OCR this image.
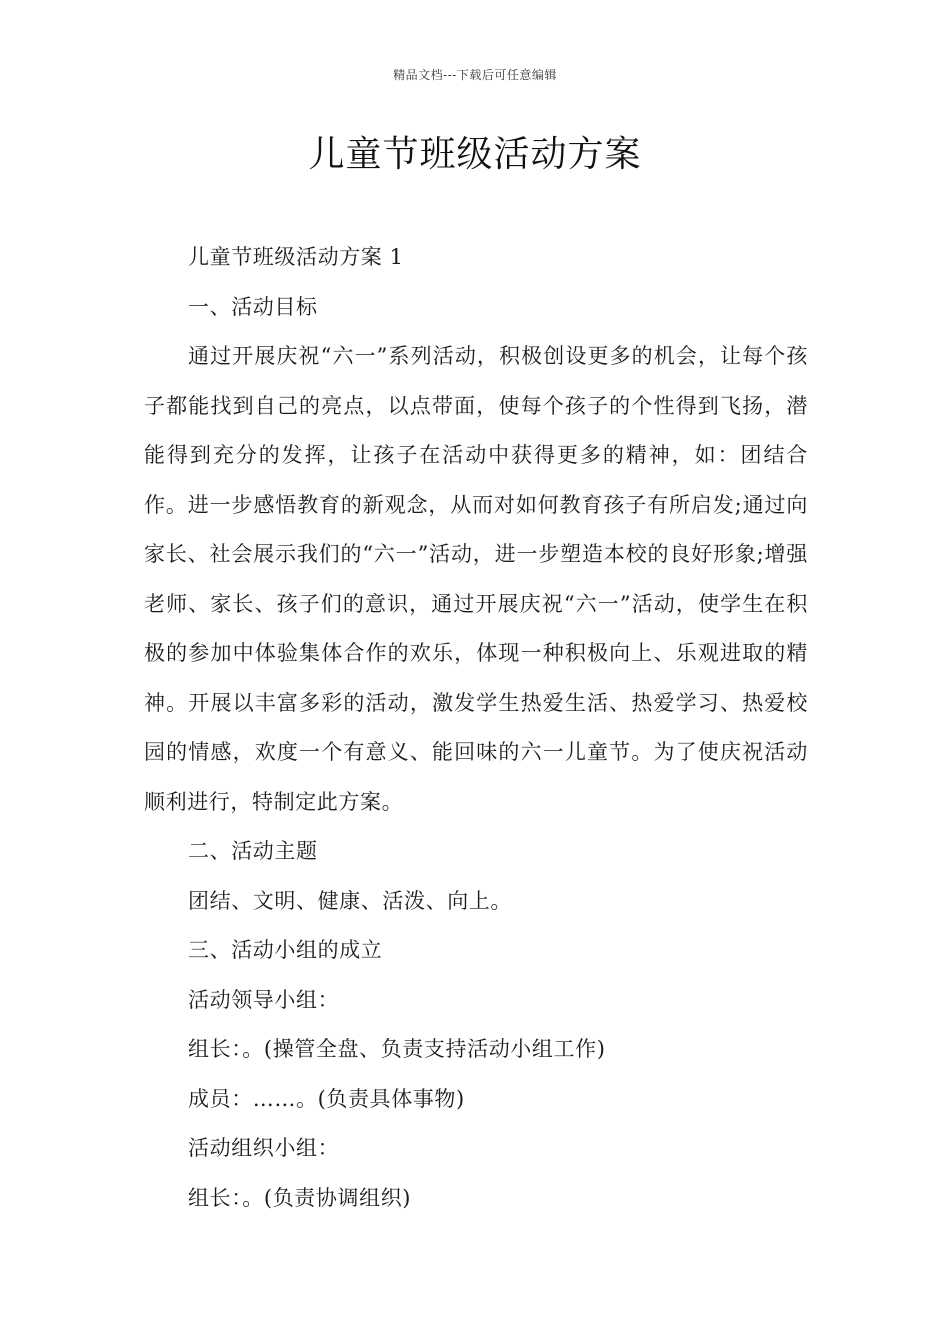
精品文档---下载后可任意编辑
儿童节班级活动方案

儿童节班级活动方案 1

一、活动目标

通过开展庆祝“六一”系列活动，积极创设更多的机会，让每个孩子都能找到自己的亮点，以点带面，使每个孩子的个性得到飞扬，潜能得到充分的发挥，让孩子在活动中获得更多的精神，如：团结合作。进一步感悟教育的新观念，从而对如何教育孩子有所启发;通过向家长、社会展示我们的“六一”活动，进一步塑造本校的良好形象;增强老师、家长、孩子们的意识，通过开展庆祝“六一”活动，使学生在积极的参加中体验集体合作的欢乐，体现一种积极向上、乐观进取的精神。开展以丰富多彩的活动，激发学生热爱生活、热爱学习、热爱校园的情感，欢度一个有意义、能回味的六一儿童节。为了使庆祝活动顺利进行，特制定此方案。

二、活动主题

团结、文明、健康、活泼、向上。

三、活动小组的成立

活动领导小组：

组长：。(操管全盘、负责支持活动小组工作)

成员：……。(负责具体事物)

活动组织小组：

组长：。(负责协调组织)
